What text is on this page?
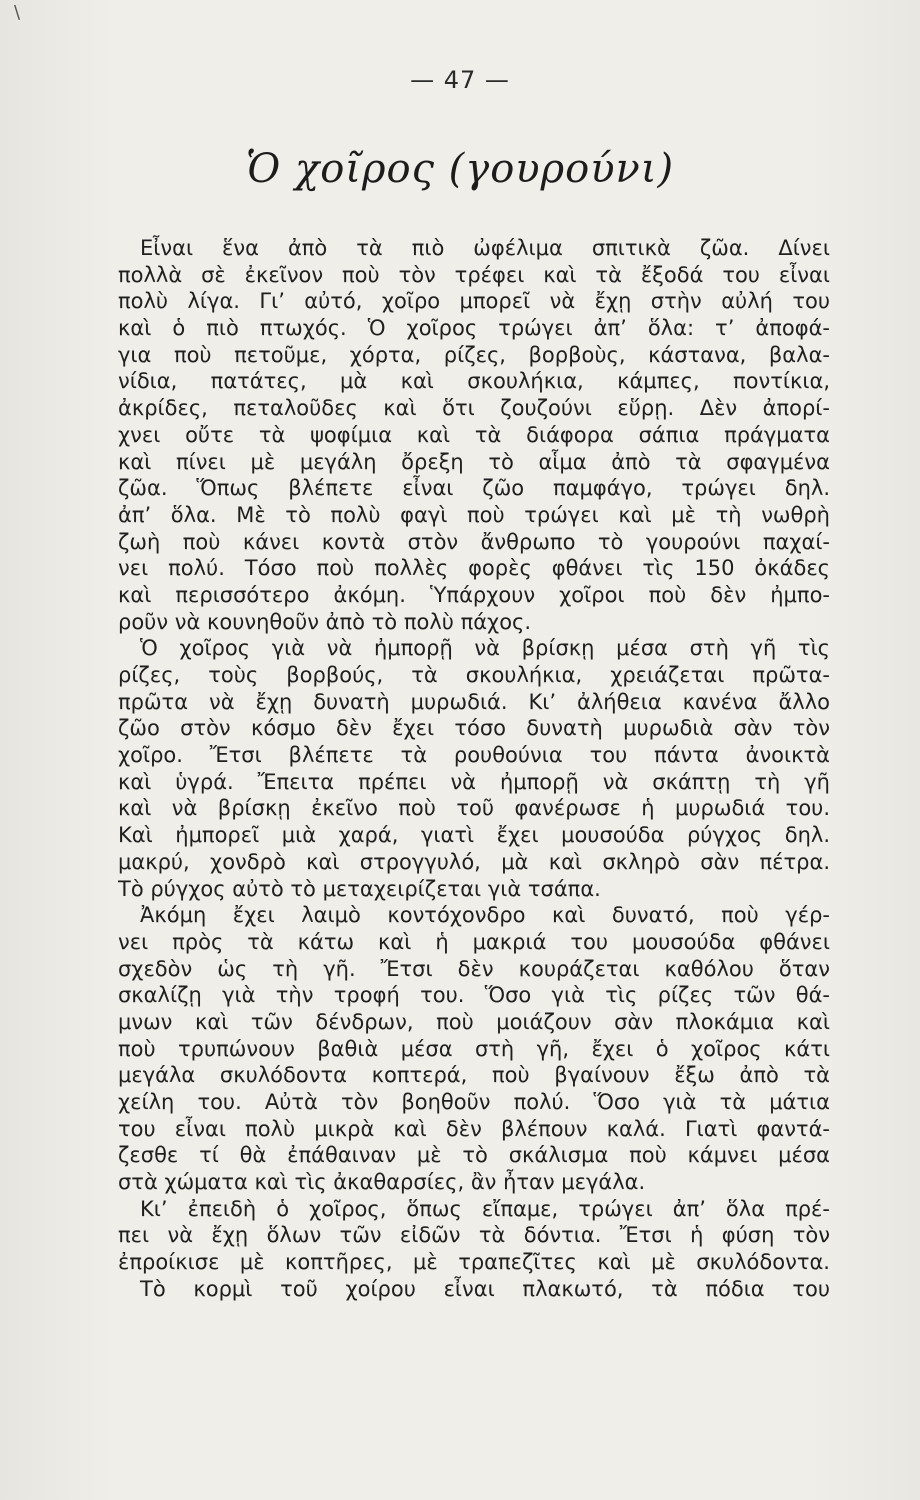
\
— 47 —
Ὁ χοῖρος (γουρούνι)
Εἶναι ἕνα ἀπὸ τὰ πιὸ ὠφέλιμα σπιτικὰ ζῶα. Δίνει
πολλὰ σὲ ἐκεῖνον ποὺ τὸν τρέφει καὶ τὰ ἔξοδά του εἶναι
πολὺ λίγα. Γι’ αὐτό, χοῖρο μπορεῖ νὰ ἔχῃ στὴν αὐλή του
καὶ ὁ πιὸ πτωχός. Ὁ χοῖρος τρώγει ἀπ’ ὅλα: τ’ ἀποφά-
για ποὺ πετοῦμε, χόρτα, ρίζες, βορβοὺς, κάστανα, βαλα-
νίδια, πατάτες, μὰ καὶ σκουλήκια, κάμπες, ποντίκια,
ἀκρίδες, πεταλοῦδες καὶ ὅτι ζουζούνι εὕρῃ. Δὲν ἀπορί-
χνει οὔτε τὰ ψοφίμια καὶ τὰ διάφορα σάπια πράγματα
καὶ πίνει μὲ μεγάλη ὄρεξη τὸ αἷμα ἀπὸ τὰ σφαγμένα
ζῶα. Ὅπως βλέπετε εἶναι ζῶο παμφάγο, τρώγει δηλ.
ἀπ’ ὅλα. Μὲ τὸ πολὺ φαγὶ ποὺ τρώγει καὶ μὲ τὴ νωθρὴ
ζωὴ ποὺ κάνει κοντὰ στὸν ἄνθρωπο τὸ γουρούνι παχαί-
νει πολύ. Τόσο ποὺ πολλὲς φορὲς φθάνει τὶς 150 ὀκάδες
καὶ περισσότερο ἀκόμη. Ὑπάρχουν χοῖροι ποὺ δὲν ἠμπο-
ροῦν νὰ κουνηθοῦν ἀπὸ τὸ πολὺ πάχος.
Ὁ χοῖρος γιὰ νὰ ἠμπορῇ νὰ βρίσκῃ μέσα στὴ γῆ τὶς
ρίζες, τοὺς βορβούς, τὰ σκουλήκια, χρειάζεται πρῶτα-
πρῶτα νὰ ἔχῃ δυνατὴ μυρωδιά. Κι’ ἀλήθεια κανένα ἄλλο
ζῶο στὸν κόσμο δὲν ἔχει τόσο δυνατὴ μυρωδιὰ σὰν τὸν
χοῖρο. Ἔτσι βλέπετε τὰ ρουθούνια του πάντα ἀνοικτὰ
καὶ ὑγρά. Ἔπειτα πρέπει νὰ ἠμπορῇ νὰ σκάπτῃ τὴ γῆ
καὶ νὰ βρίσκῃ ἐκεῖνο ποὺ τοῦ φανέρωσε ἡ μυρωδιά του.
Καὶ ἠμπορεῖ μιὰ χαρά, γιατὶ ἔχει μουσούδα ρύγχος δηλ.
μακρύ, χονδρὸ καὶ στρογγυλό, μὰ καὶ σκληρὸ σὰν πέτρα.
Τὸ ρύγχος αὐτὸ τὸ μεταχειρίζεται γιὰ τσάπα.
Ἀκόμη ἔχει λαιμὸ κοντόχονδρο καὶ δυνατό, ποὺ γέρ-
νει πρὸς τὰ κάτω καὶ ἡ μακριά του μουσούδα φθάνει
σχεδὸν ὡς τὴ γῆ. Ἔτσι δὲν κουράζεται καθόλου ὅταν
σκαλίζῃ γιὰ τὴν τροφή του. Ὅσο γιὰ τὶς ρίζες τῶν θά-
μνων καὶ τῶν δένδρων, ποὺ μοιάζουν σὰν πλοκάμια καὶ
ποὺ τρυπώνουν βαθιὰ μέσα στὴ γῆ, ἔχει ὁ χοῖρος κάτι
μεγάλα σκυλόδοντα κοπτερά, ποὺ βγαίνουν ἔξω ἀπὸ τὰ
χείλη του. Αὐτὰ τὸν βοηθοῦν πολύ. Ὅσο γιὰ τὰ μάτια
του εἶναι πολὺ μικρὰ καὶ δὲν βλέπουν καλά. Γιατὶ φαντά-
ζεσθε τί θὰ ἐπάθαιναν μὲ τὸ σκάλισμα ποὺ κάμνει μέσα
στὰ χώματα καὶ τὶς ἀκαθαρσίες, ἂν ἦταν μεγάλα.
Κι’ ἐπειδὴ ὁ χοῖρος, ὅπως εἴπαμε, τρώγει ἀπ’ ὅλα πρέ-
πει νὰ ἔχῃ ὅλων τῶν εἰδῶν τὰ δόντια. Ἔτσι ἡ φύση τὸν
ἐπροίκισε μὲ κοπτῆρες, μὲ τραπεζῖτες καὶ μὲ σκυλόδοντα.
Τὸ κορμὶ τοῦ χοίρου εἶναι πλακωτό, τὰ πόδια του
